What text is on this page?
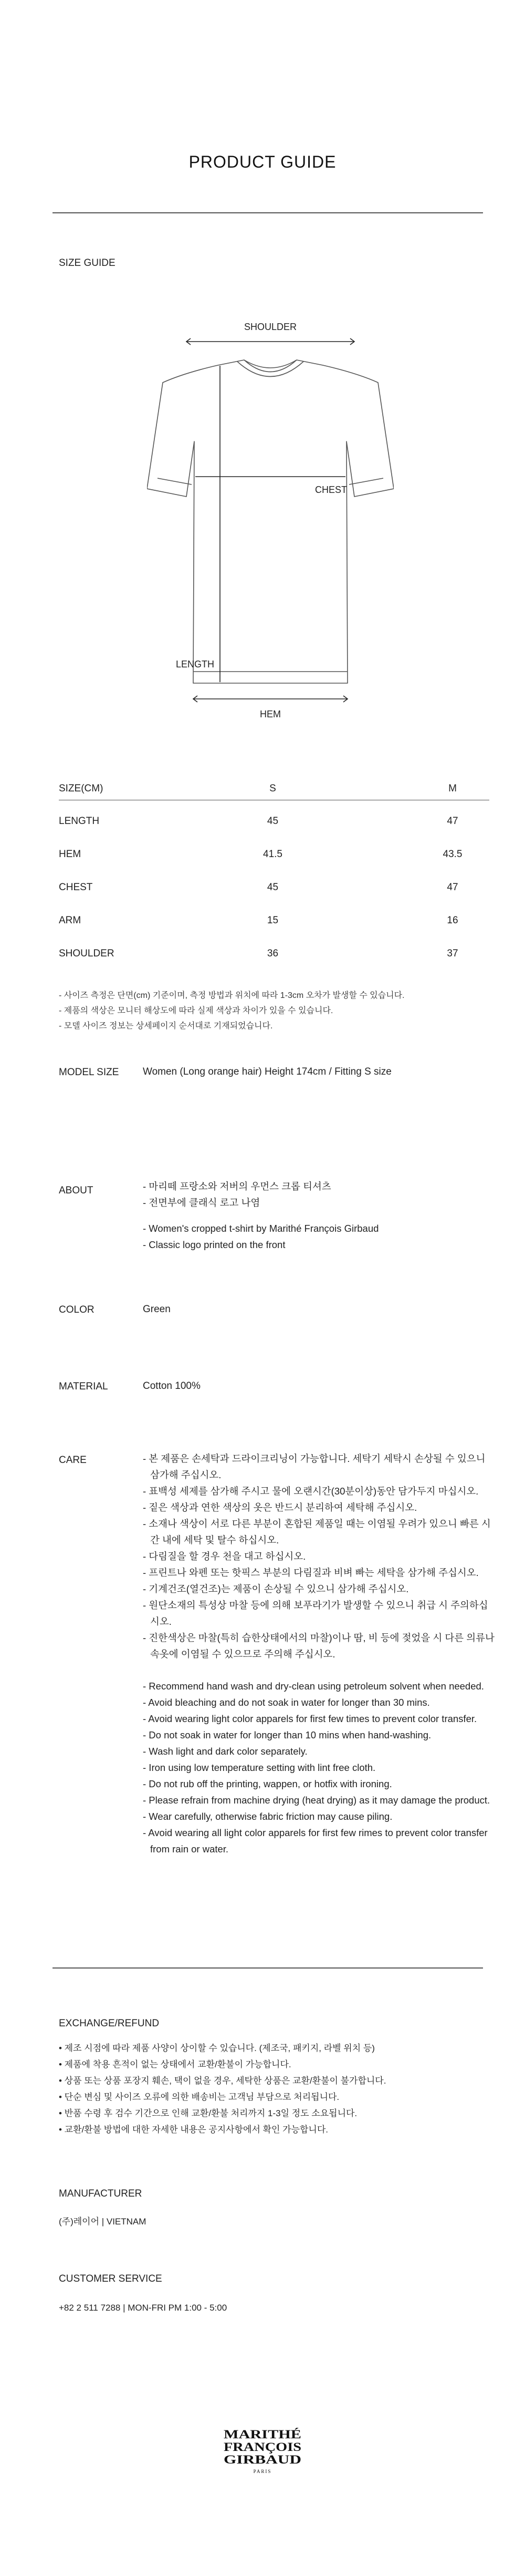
PRODUCT GUIDE
SIZE GUIDE
SHOULDER
CHEST
LENGTH
HEM
SIZE(CM)	S	M
LENGTH	45	47
HEM	41.5	43.5
CHEST	45	47
ARM	15	16
SHOULDER	36	37
- 사이즈 측정은 단면(cm) 기준이며, 측정 방법과 위치에 따라 1-3cm 오차가 발생할 수 있습니다.
- 제품의 색상은 모니터 해상도에 따라 실제 색상과 차이가 있을 수 있습니다.
- 모델 사이즈 정보는 상세페이지 순서대로 기재되었습니다.
MODEL SIZE Women (Long orange hair) Height 174cm / Fitting S size
ABOUT	- 마리떼 프랑소와 저버의 우먼스 크롭 티셔츠
- 전면부에 클래식 로고 나염
- Women's cropped t-shirt by Marithé François Girbaud
- Classic logo printed on the front
COLOR	Green
MATERIAL	Cotton 100%
CARE	- 본 제품은 손세탁과 드라이크리닝이 가능합니다. 세탁기 세탁시 손상될 수 있으니 삼가해 주십시오.
- 표백성 세제를 삼가해 주시고 물에 오랜시간(30분이상)동안 담가두지 마십시오.
- 짙은 색상과 연한 색상의 옷은 반드시 분리하여 세탁해 주십시오.
- 소재나 색상이 서로 다른 부분이 혼합된 제품일 때는 이염될 우려가 있으니 빠른 시간 내에 세탁 및 탈수 하십시오.
- 다림질을 할 경우 천을 대고 하십시오.
- 프린트나 와펜 또는 핫픽스 부분의 다림질과 비벼 빠는 세탁을 삼가해 주십시오.
- 기계건조(열건조)는 제품이 손상될 수 있으니 삼가해 주십시오.
- 원단소재의 특성상 마찰 등에 의해 보푸라기가 발생할 수 있으니 취급 시 주의하십시오.
- 진한색상은 마찰(특히 습한상태에서의 마찰)이나 땀, 비 등에 젖었을 시 다른 의류나 속옷에 이염될 수 있으므로 주의해 주십시오.
- Recommend hand wash and dry-clean using petroleum solvent when needed.
- Avoid bleaching and do not soak in water for longer than 30 mins.
- Avoid wearing light color apparels for first few times to prevent color transfer.
- Do not soak in water for longer than 10 mins when hand-washing.
- Wash light and dark color separately.
- Iron using low temperature setting with lint free cloth.
- Do not rub off the printing, wappen, or hotfix with ironing.
- Please refrain from machine drying (heat drying) as it may damage the product.
- Wear carefully, otherwise fabric friction may cause piling.
- Avoid wearing all light color apparels for first few rimes to prevent color transfer from rain or water.
EXCHANGE/REFUND
• 제조 시점에 따라 제품 사양이 상이할 수 있습니다. (제조국, 패키지, 라벨 위치 등)
• 제품에 착용 흔적이 없는 상태에서 교환/환불이 가능합니다.
• 상품 또는 상품 포장지 훼손, 택이 없을 경우, 세탁한 상품은 교환/환불이 불가합니다.
• 단순 변심 및 사이즈 오류에 의한 배송비는 고객님 부담으로 처리됩니다.
• 반품 수령 후 검수 기간으로 인해 교환/환불 처리까지 1-3일 정도 소요됩니다.
• 교환/환불 방법에 대한 자세한 내용은 공지사항에서 확인 가능합니다.
MANUFACTURER
(주)레이어 | VIETNAM
CUSTOMER SERVICE
+82 2 511 7288 | MON-FRI PM 1:00 - 5:00
MARITHÉ
FRANÇOIS
GIRBAUD
PARIS
